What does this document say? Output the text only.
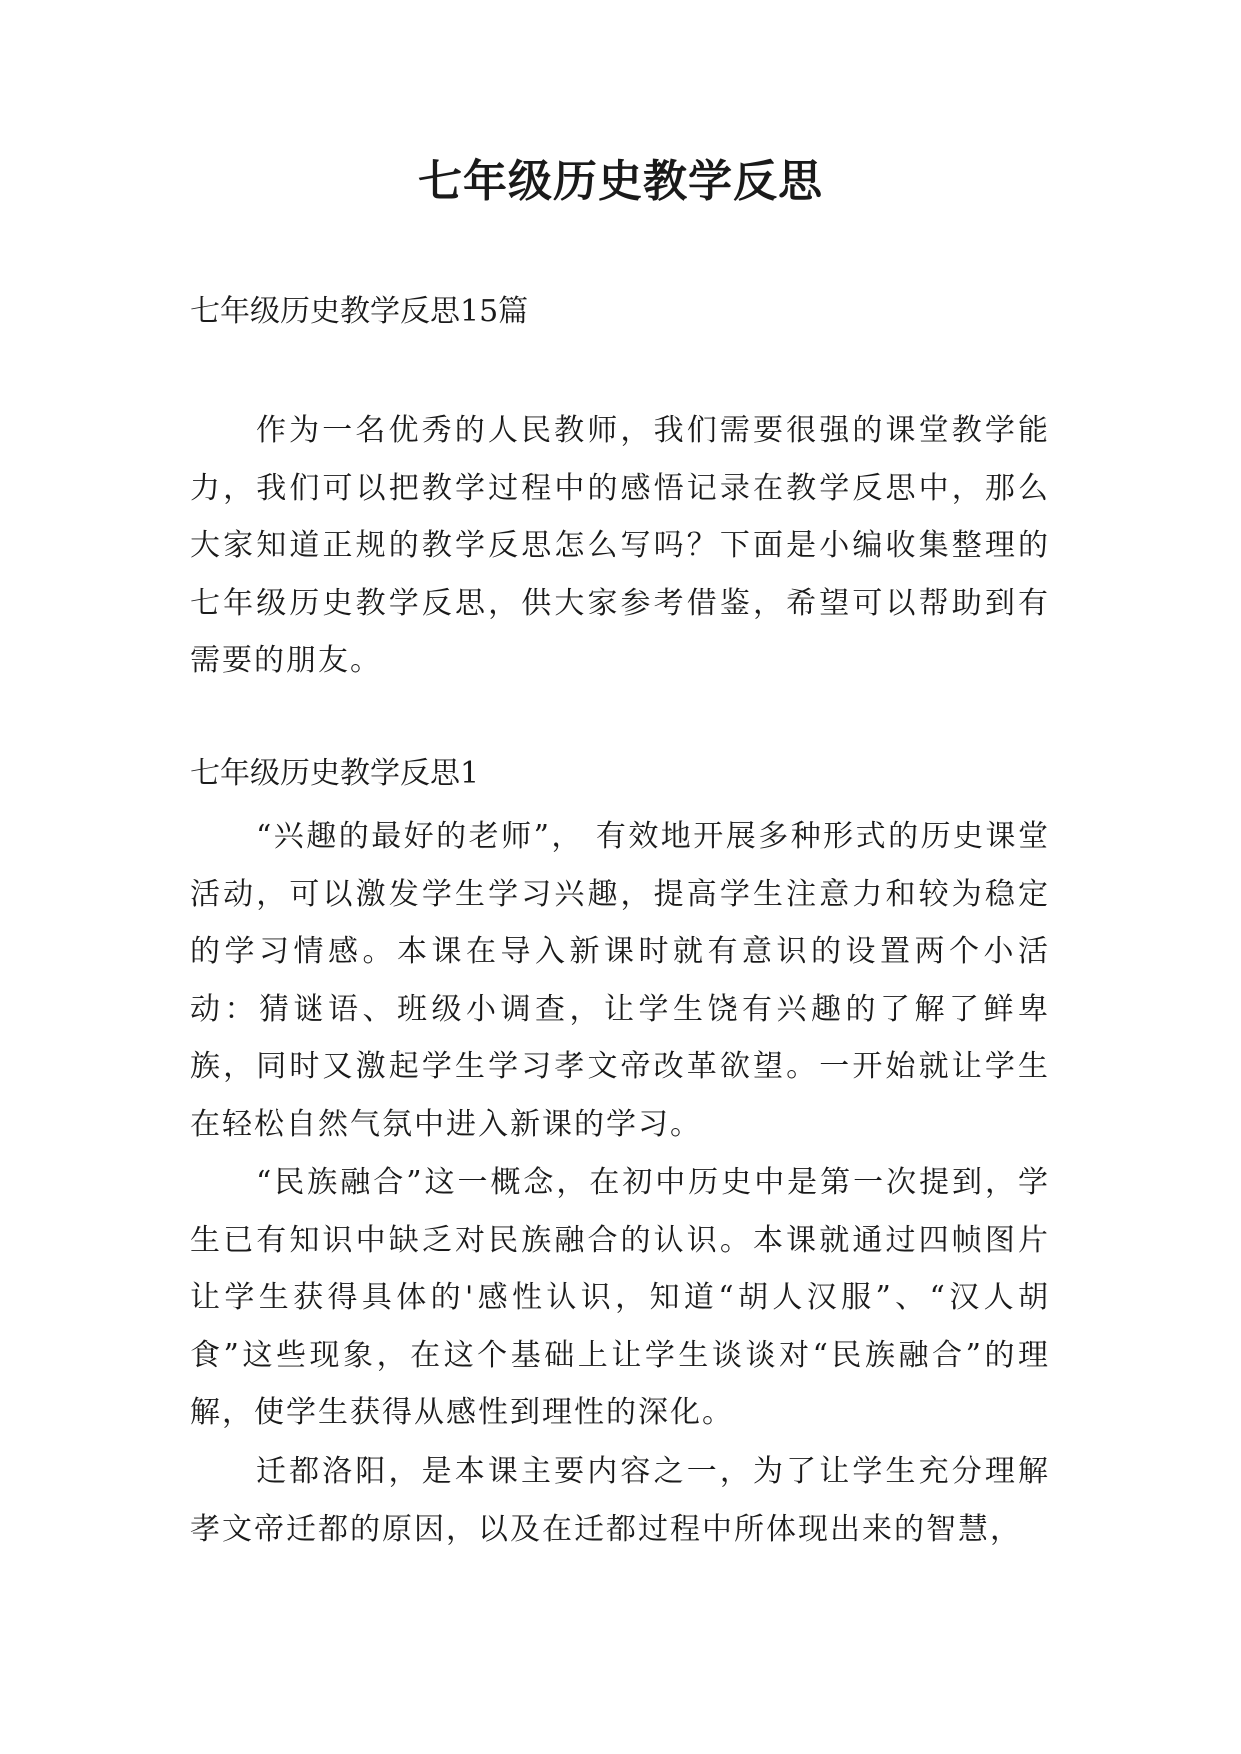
七年级历史教学反思
七年级历史教学反思15篇

作为一名优秀的人民教师，我们需要很强的课堂教学能力，我们可以把教学过程中的感悟记录在教学反思中，那么大家知道正规的教学反思怎么写吗？下面是小编收集整理的七年级历史教学反思，供大家参考借鉴，希望可以帮助到有需要的朋友。

七年级历史教学反思1

“兴趣的最好的老师”， 有效地开展多种形式的历史课堂活动，可以激发学生学习兴趣，提高学生注意力和较为稳定的学习情感。本课在导入新课时就有意识的设置两个小活动：猜谜语、班级小调查，让学生饶有兴趣的了解了鲜卑族，同时又激起学生学习孝文帝改革欲望。一开始就让学生在轻松自然气氛中进入新课的学习。

“民族融合”这一概念，在初中历史中是第一次提到，学生已有知识中缺乏对民族融合的认识。本课就通过四帧图片让学生获得具体的'感性认识，知道“胡人汉服”、“汉人胡食”这些现象，在这个基础上让学生谈谈对“民族融合”的理解，使学生获得从感性到理性的深化。

迁都洛阳，是本课主要内容之一，为了让学生充分理解孝文帝迁都的原因，以及在迁都过程中所体现出来的智慧，
